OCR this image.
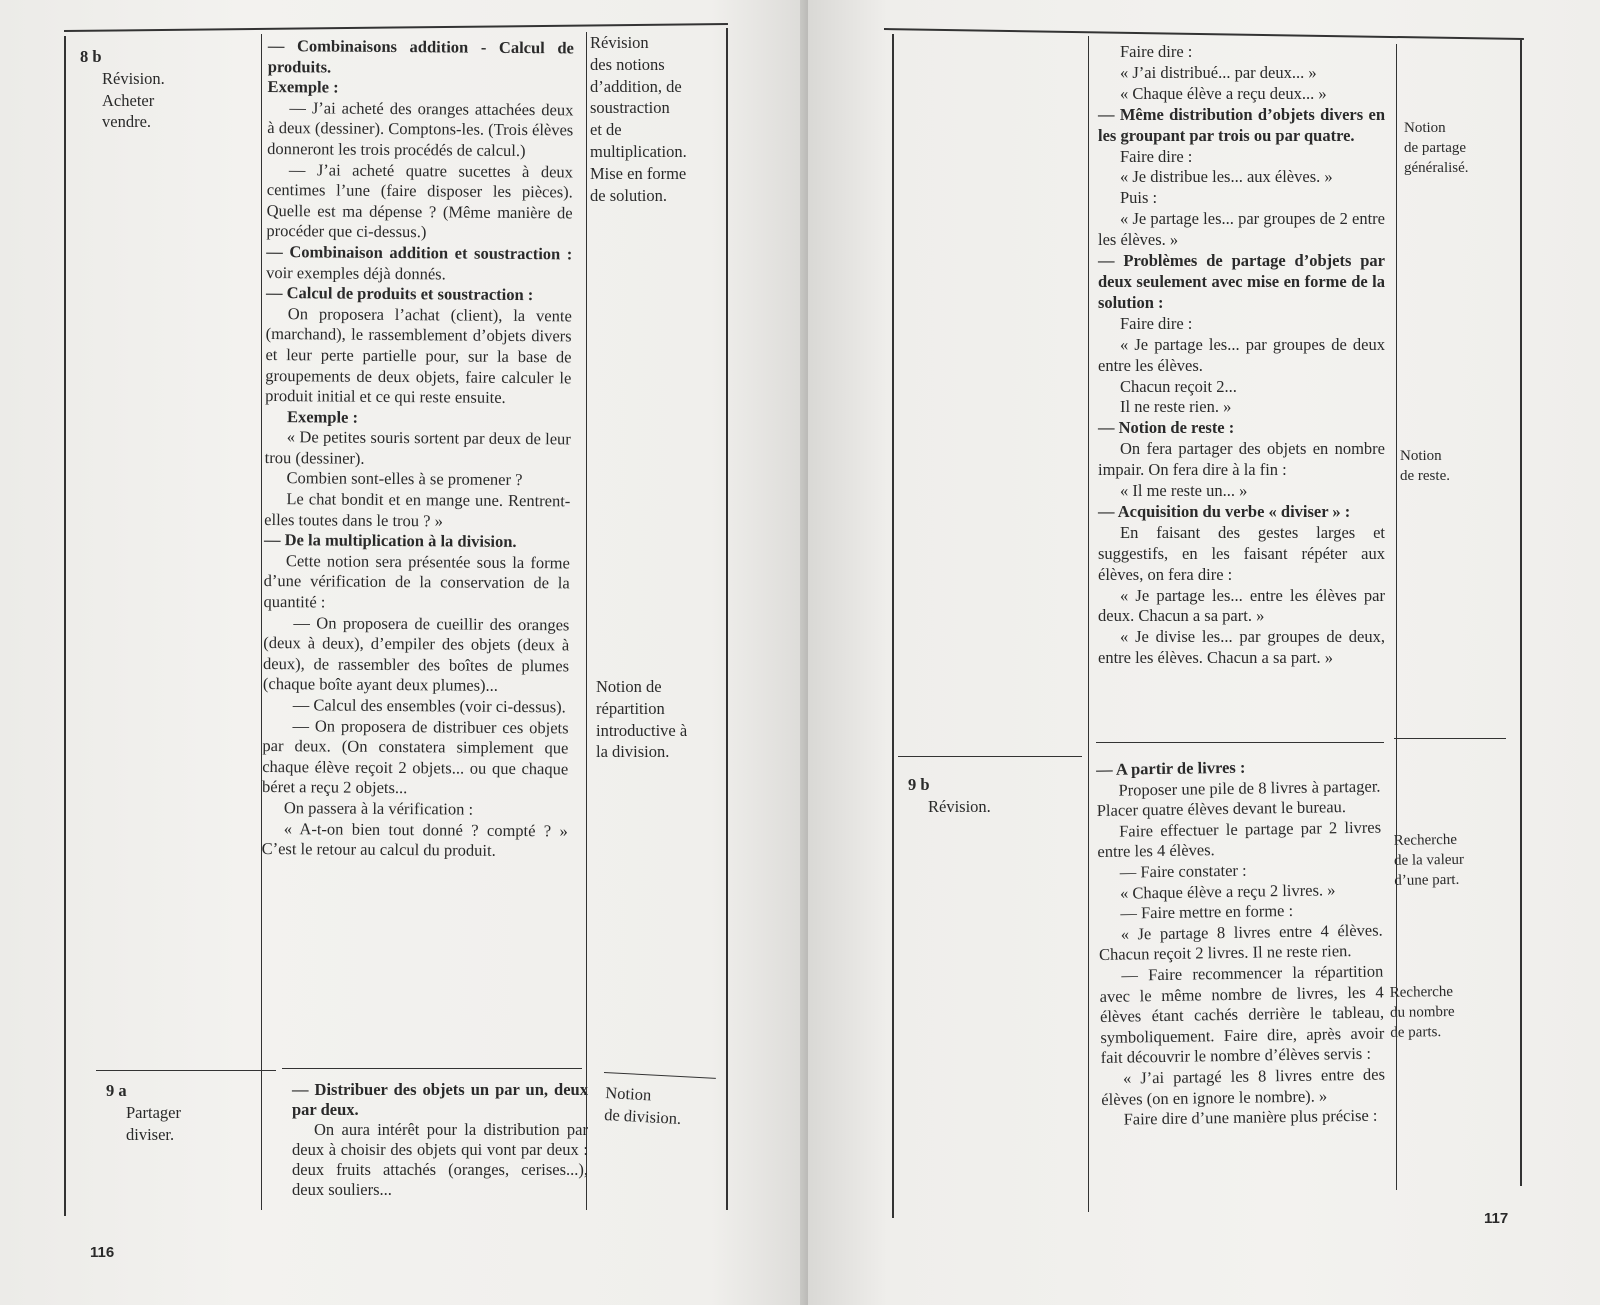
8 b
Révision.
Acheter
vendre.

— Combinaisons addition - Calcul de produits.

Exemple :

— J’ai acheté des oranges attachées deux à deux (dessiner). Comptons-les. (Trois élèves donneront les trois procédés de calcul.)

— J’ai acheté quatre sucettes à deux centimes l’une (faire disposer les pièces). Quelle est ma dépense ? (Même manière de procéder que ci-dessus.)

— Combinaison addition et soustraction : voir exemples déjà donnés.

— Calcul de produits et soustraction :

On proposera l’achat (client), la vente (marchand), le rassemblement d’objets divers et leur perte partielle pour, sur la base de groupements de deux objets, faire calculer le produit initial et ce qui reste ensuite.

Exemple :

« De petites souris sortent par deux de leur trou (dessiner).

Combien sont-elles à se promener ?

Le chat bondit et en mange une. Rentrent-elles toutes dans le trou ? »

— De la multiplication à la division.

Cette notion sera présentée sous la forme d’une vérification de la conservation de la quantité :

— On proposera de cueillir des oranges (deux à deux), d’empiler des objets (deux à deux), de rassembler des boîtes de plumes (chaque boîte ayant deux plumes)...

— Calcul des ensembles (voir ci-dessus).

— On proposera de distribuer ces objets par deux. (On constatera simplement que chaque élève reçoit 2 objets... ou que chaque béret a reçu 2 objets...

On passera à la vérification :

« A-t-on bien tout donné ? compté ? » C’est le retour au calcul du produit.

Révision
des notions
d’addition, de
soustraction
et de
multiplication.
Mise en forme
de solution.
Notion de
répartition
introductive à
la division.
9 a
Partager
diviser.

— Distribuer des objets un par un, deux par deux.

On aura intérêt pour la distribution par deux à choisir des objets qui vont par deux : deux fruits attachés (oranges, cerises...), deux souliers...

Notion
de division.
116

Faire dire :

« J’ai distribué... par deux... »

« Chaque élève a reçu deux... »

— Même distribution d’objets divers en les groupant par trois ou par quatre.

Faire dire :

« Je distribue les... aux élèves. »

Puis :

« Je partage les... par groupes de 2 entre les élèves. »

— Problèmes de partage d’objets par deux seulement avec mise en forme de la solution :

Faire dire :

« Je partage les... par groupes de deux entre les élèves.

Chacun reçoit 2...

Il ne reste rien. »

— Notion de reste :

On fera partager des objets en nombre impair. On fera dire à la fin :

« Il me reste un... »

— Acquisition du verbe « diviser » :

En faisant des gestes larges et suggestifs, en les faisant répéter aux élèves, on fera dire :

« Je partage les... entre les élèves par deux. Chacun a sa part. »

« Je divise les... par groupes de deux, entre les élèves. Chacun a sa part. »

Notion
de partage
généralisé.
Notion
de reste.
9 b
Révision.

— A partir de livres :

Proposer une pile de 8 livres à partager. Placer quatre élèves devant le bureau.

Faire effectuer le partage par 2 livres entre les 4 élèves.

— Faire constater :

« Chaque élève a reçu 2 livres. »

— Faire mettre en forme :

« Je partage 8 livres entre 4 élèves. Chacun reçoit 2 livres. Il ne reste rien.

— Faire recommencer la répartition avec le même nombre de livres, les 4 élèves étant cachés derrière le tableau, symboliquement. Faire dire, après avoir fait découvrir le nombre d’élèves servis :

« J’ai partagé les 8 livres entre des élèves (on en ignore le nombre). »

Faire dire d’une manière plus précise :

Recherche
de la valeur
d’une part.
Recherche
du nombre
de parts.
117
